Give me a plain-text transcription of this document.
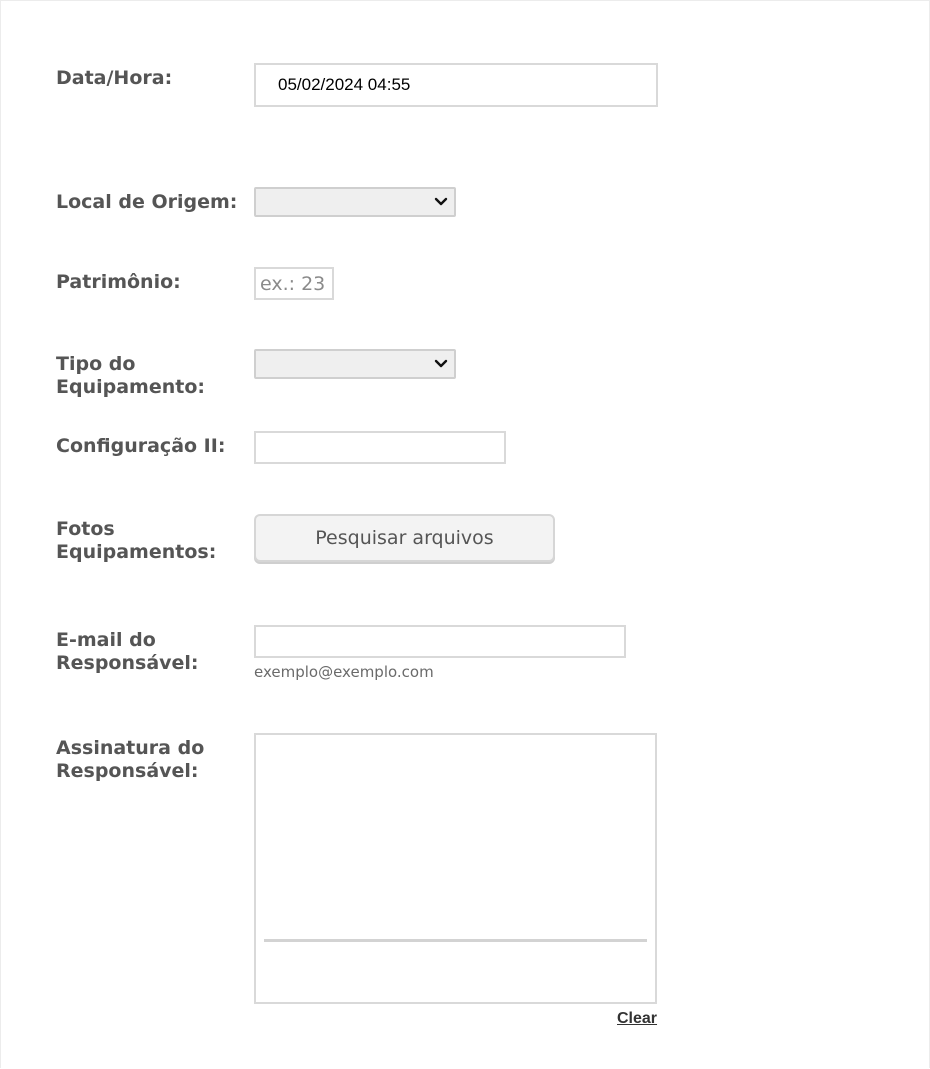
Data/Hora:
05/02/2024 04:55
Local de Origem:
Patrimônio:	ex.: 23
Tipo do
Equipamento:
Configuração II:
Fotos
Equipamentos:
Pesquisar arquivos
E-mail do
Responsável:	exemplo@exemplo.com
Assinatura do
Responsável:
Clear
